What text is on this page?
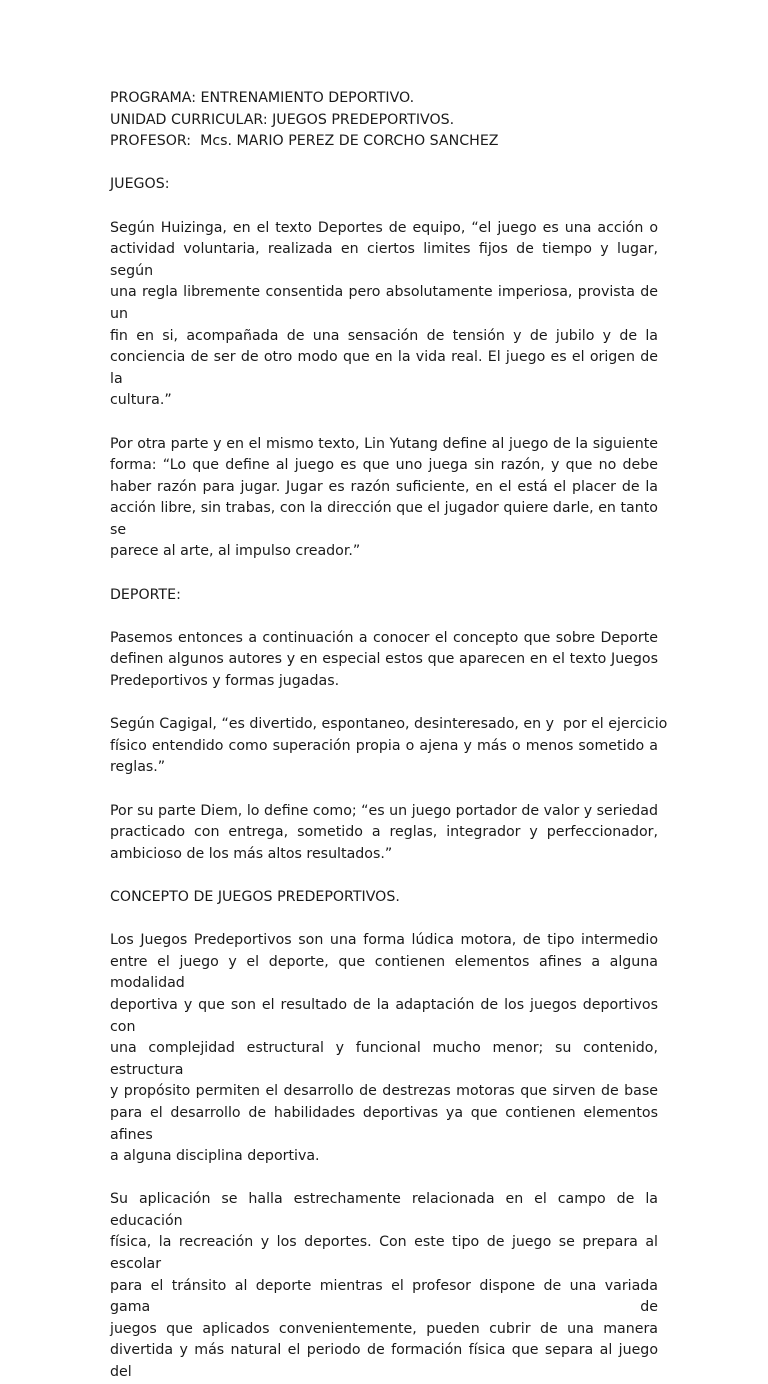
PROGRAMA: ENTRENAMIENTO DEPORTIVO.
UNIDAD CURRICULAR: JUEGOS PREDEPORTIVOS.
PROFESOR:  Mcs. MARIO PEREZ DE CORCHO SANCHEZ
JUEGOS:
Según Huizinga, en el texto Deportes de equipo, “el juego es una acción o
actividad voluntaria, realizada en ciertos limites fijos de tiempo y lugar, según
una regla libremente consentida pero absolutamente imperiosa, provista de un
fin en si, acompañada de una sensación de tensión y de jubilo y de la
conciencia de ser de otro modo que en la vida real. El juego es el origen de la
cultura.”
Por otra parte y en el mismo texto, Lin Yutang define al juego de la siguiente
forma: “Lo que define al juego es que uno juega sin razón, y que no debe
haber razón para jugar. Jugar es razón suficiente, en el está el placer de la
acción libre, sin trabas, con la dirección que el jugador quiere darle, en tanto se
parece al arte, al impulso creador.”
DEPORTE:
Pasemos entonces a continuación a conocer el concepto que sobre Deporte
definen algunos autores y en especial estos que aparecen en el texto Juegos
Predeportivos y formas jugadas.
Según Cagigal, “es divertido, espontaneo, desinteresado, en y  por el ejercicio
físico entendido como superación propia o ajena y más o menos sometido a
reglas.”
Por su parte Diem, lo define como; “es un juego portador de valor y seriedad
practicado con entrega, sometido a reglas, integrador y perfeccionador,
ambicioso de los más altos resultados.”
CONCEPTO DE JUEGOS PREDEPORTIVOS.
Los Juegos Predeportivos son una forma lúdica motora, de tipo intermedio
entre el juego y el deporte, que contienen elementos afines a alguna modalidad
deportiva y que son el resultado de la adaptación de los juegos deportivos con
una complejidad estructural y funcional mucho menor; su contenido, estructura
y propósito permiten el desarrollo de destrezas motoras que sirven de base
para el desarrollo de habilidades deportivas ya que contienen elementos afines
a alguna disciplina deportiva.
Su aplicación se halla estrechamente relacionada en el campo de la educación
física, la recreación y los deportes. Con este tipo de juego se prepara al escolar
para el tránsito al deporte mientras el profesor dispone de una variada gama de
juegos que aplicados convenientemente, pueden cubrir de una manera
divertida y más natural el periodo de formación física que separa al juego del
